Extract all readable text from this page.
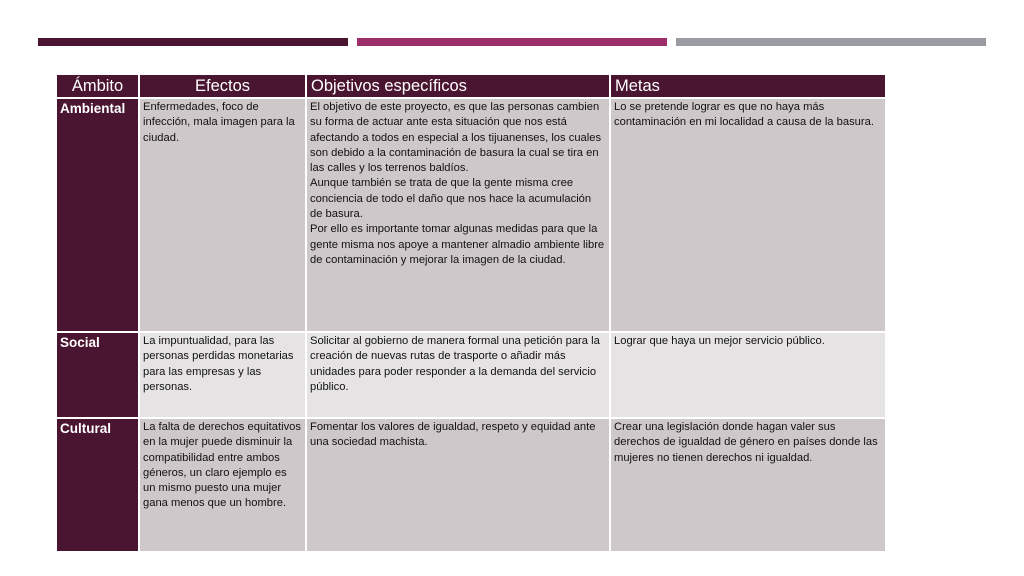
Ámbito	Efectos	Objetivos específicos	Metas
Ambiental	Enfermedades, foco de infección, mala imagen para la ciudad.	El objetivo de este proyecto, es que las personas cambien su forma de actuar ante esta situación que nos está afectando a todos en especial a los tijuanenses, los cuales son debido a la contaminación de basura la cual se tira en las calles y los terrenos baldíos.
Aunque también se trata de que la gente misma cree conciencia de todo el daño que nos hace la acumulación de basura.
Por ello es importante tomar algunas medidas para que la gente misma nos apoye a mantener almadio ambiente libre de contaminación y mejorar la imagen de la ciudad.	Lo se pretende lograr es que no haya más contaminación en mi localidad a causa de la basura.
Social	La impuntualidad, para las personas perdidas monetarias para las empresas y las personas.	Solicitar al gobierno de manera formal una petición para la creación de nuevas rutas de trasporte o añadir más unidades para poder responder a la demanda del servicio público.	Lograr que haya un mejor servicio público.
Cultural	La falta de derechos equitativos en la mujer puede disminuir la compatibilidad entre ambos géneros, un claro ejemplo es un mismo puesto una mujer gana menos que un hombre.	Fomentar los valores de igualdad, respeto y equidad ante una sociedad machista.	Crear una legislación donde hagan valer sus derechos de igualdad de género en países donde las mujeres no tienen derechos ni igualdad.
